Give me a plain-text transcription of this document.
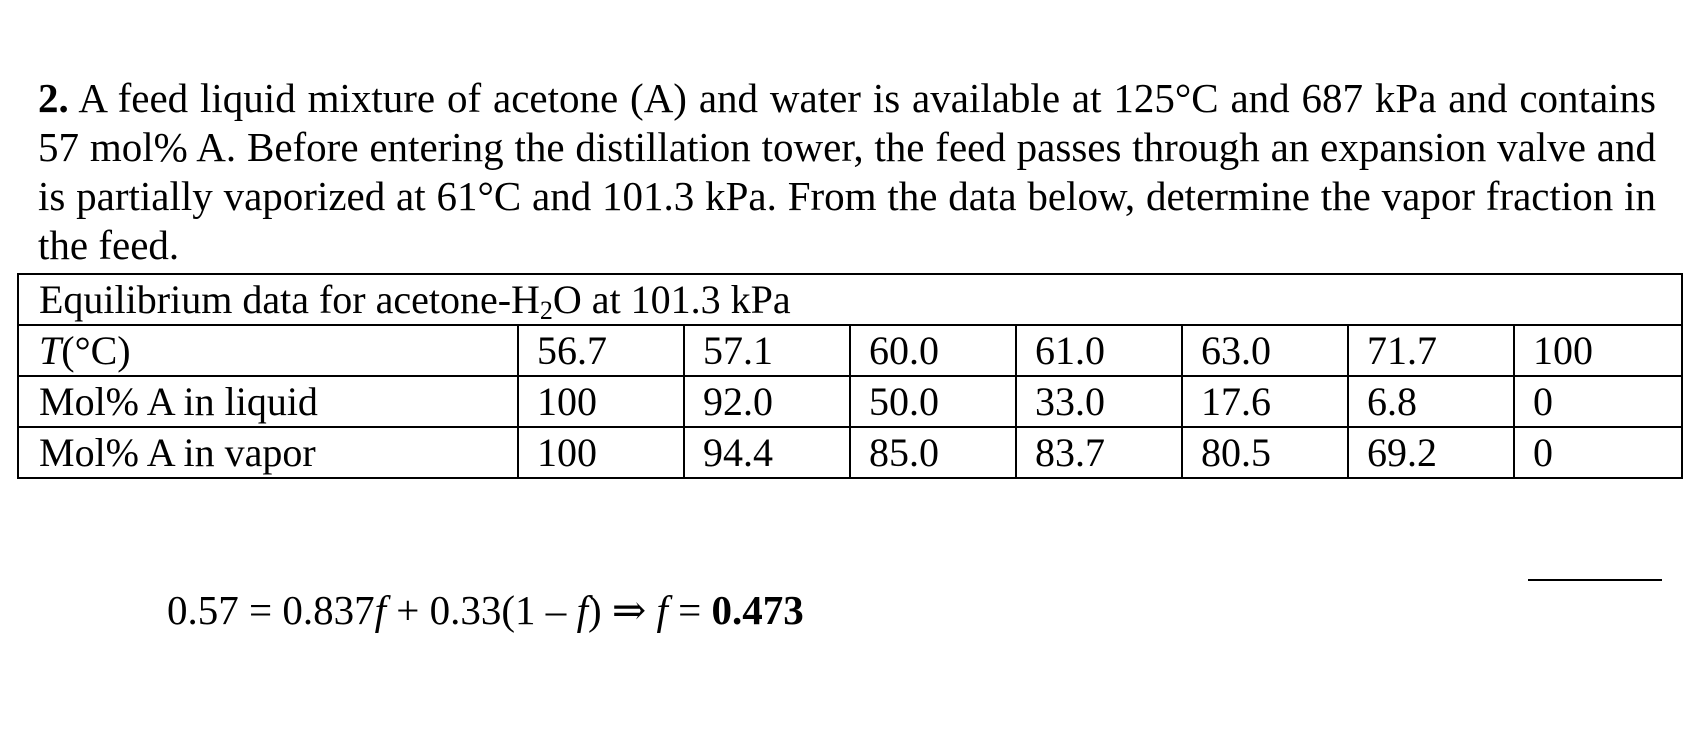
2. A feed liquid mixture of acetone (A) and water is available at 125°C and 687 kPa and contains 57 mol% A. Before entering the distillation tower, the feed passes through an expansion valve and is partially vaporized at 61°C and 101.3 kPa. From the data below, determine the vapor fraction in the feed.
Equilibrium data for acetone-$H_2O$ at 101.3 kPa							
T(°C)	56.7	57.1	60.0	61.0	63.0	71.7	100
Mol% A in liquid	100	92.0	50.0	33.0	17.6	6.8	0
Mol% A in vapor	100	94.4	85.0	83.7	80.5	69.2	0
0.57 = 0.837f + 0.33(1 – f) ⇒ f = 0.473
